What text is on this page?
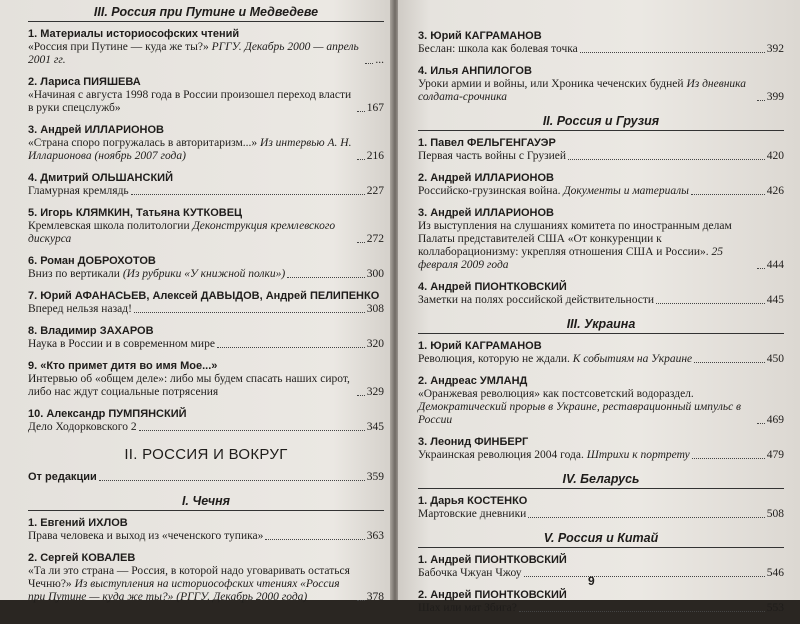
III. Россия при Путине и Медведеве
1. Материалы историософских чтений
«Россия при Путине — куда же ты?» РГГУ. Декабрь 2000 — апрель 2001 гг.	...
2. Лариса ПИЯШЕВА
«Начиная с августа 1998 года в России произошел переход власти в руки спецслужб»	167
3. Андрей ИЛЛАРИОНОВ
«Страна споро погружалась в авторитаризм...» Из интервью А. Н. Илларионова (ноябрь 2007 года)	216
4. Дмитрий ОЛЬШАНСКИЙ
Гламурная кремлядь	227
5. Игорь КЛЯМКИН, Татьяна КУТКОВЕЦ
Кремлевская школа политологии Деконструкция кремлевского дискурса	272
6. Роман ДОБРОХОТОВ
Вниз по вертикали (Из рубрики «У книжной полки»)	300
7. Юрий АФАНАСЬЕВ, Алексей ДАВЫДОВ, Андрей ПЕЛИПЕНКО
Вперед нельзя назад!	308
8. Владимир ЗАХАРОВ
Наука в России и в современном мире	320
9. «Кто примет дитя во имя Мое...»
Интервью об «общем деле»: либо мы будем спасать наших сирот, либо нас ждут социальные потрясения	329
10. Александр ПУМПЯНСКИЙ
Дело Ходорковского 2	345
II. РОССИЯ И ВОКРУГ
От редакции	359
I. Чечня
1. Евгений ИХЛОВ
Права человека и выход из «чеченского тупика»	363
2. Сергей КОВАЛЕВ
«Та ли это страна — Россия, в которой надо уговаривать остаться Чечню?» Из выступления на историософских чтениях «Россия при Путине — куда же ты?» (РГГУ. Декабрь 2000 года)	378
3. Юрий КАГРАМАНОВ
Беслан: школа как болевая точка	392
4. Илья АНПИЛОГОВ
Уроки армии и войны, или Хроника чеченских будней Из дневника солдата-срочника	399
II. Россия и Грузия
1. Павел ФЕЛЬГЕНГАУЭР
Первая часть войны с Грузией	420
2. Андрей ИЛЛАРИОНОВ
Российско-грузинская война. Документы и материалы	426
3. Андрей ИЛЛАРИОНОВ
Из выступления на слушаниях комитета по иностранным делам Палаты представителей США «От конкуренции к коллаборационизму: укрепляя отношения США и России». 25 февраля 2009 года	444
4. Андрей ПИОНТКОВСКИЙ
Заметки на полях российской действительности	445
III. Украина
1. Юрий КАГРАМАНОВ
Революция, которую не ждали. К событиям на Украине	450
2. Андреас УМЛАНД
«Оранжевая революция» как постсоветский водораздел. Демократический прорыв в Украине, реставрационный импульс в России	469
3. Леонид ФИНБЕРГ
Украинская революция 2004 года. Штрихи к портрету	479
IV. Беларусь
1. Дарья КОСТЕНКО
Мартовские дневники	508
V. Россия и Китай
1. Андрей ПИОНТКОВСКИЙ
Бабочка Чжуан Чжоу	546
2. Андрей ПИОНТКОВСКИЙ
Шах или мат Збига?	553
9
